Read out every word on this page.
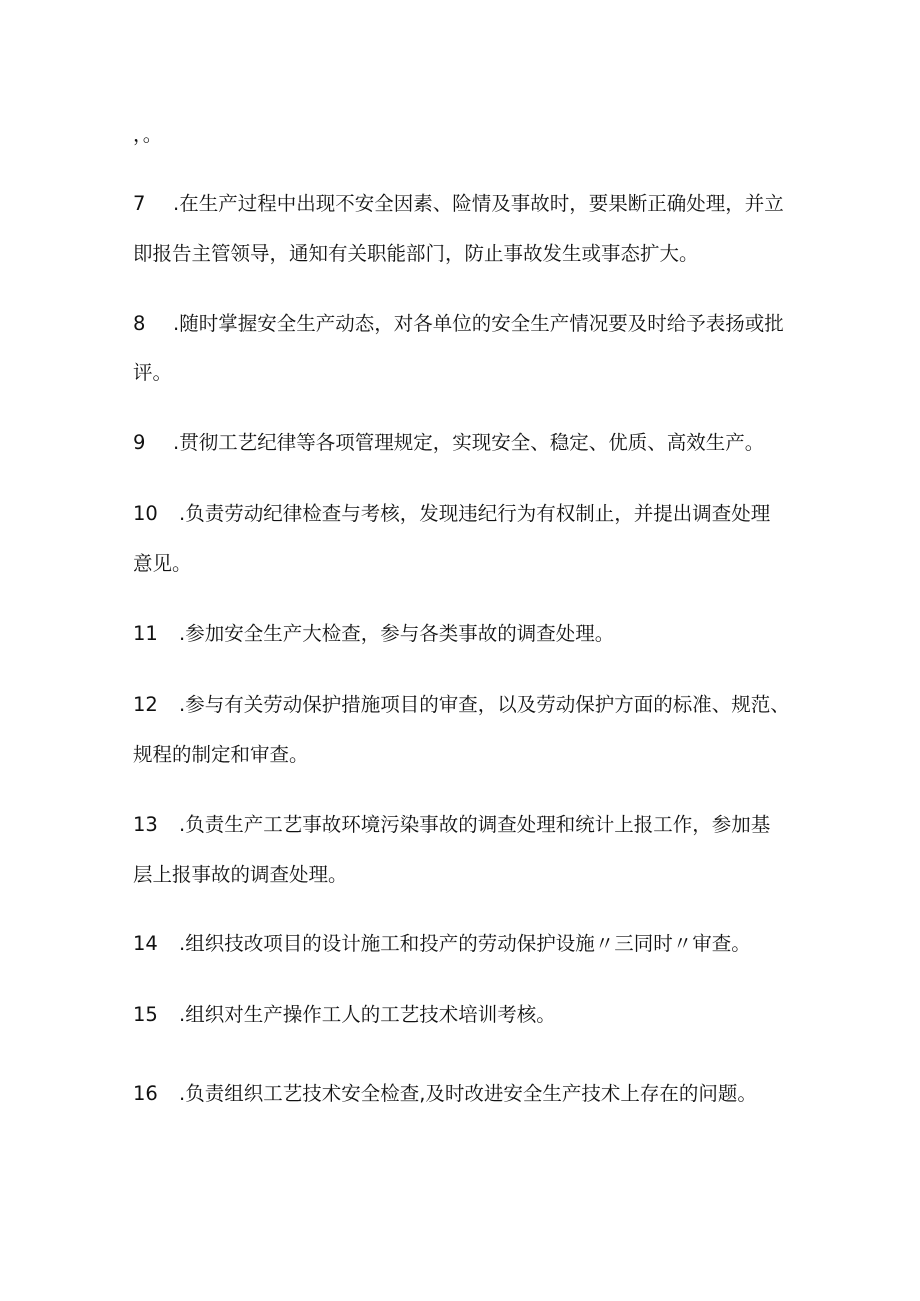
，。
7 .在生产过程中出现不安全因素、险情及事故时，要果断正确处理，并立
即报告主管领导，通知有关职能部门，防止事故发生或事态扩大。
8 .随时掌握安全生产动态，对各单位的安全生产情况要及时给予表扬或批
评。
9 .贯彻工艺纪律等各项管理规定，实现安全、稳定、优质、高效生产。
10 .负责劳动纪律检查与考核，发现违纪行为有权制止，并提出调查处理
意见。
11 .参加安全生产大检查，参与各类事故的调查处理。
12 .参与有关劳动保护措施项目的审查，以及劳动保护方面的标准、规范、
规程的制定和审查。
13 .负责生产工艺事故环境污染事故的调查处理和统计上报工作，参加基
层上报事故的调查处理。
14 .组织技改项目的设计施工和投产的劳动保护设施〃三同时〃审查。
15 .组织对生产操作工人的工艺技术培训考核。
16 .负责组织工艺技术安全检查,及时改进安全生产技术上存在的问题。
